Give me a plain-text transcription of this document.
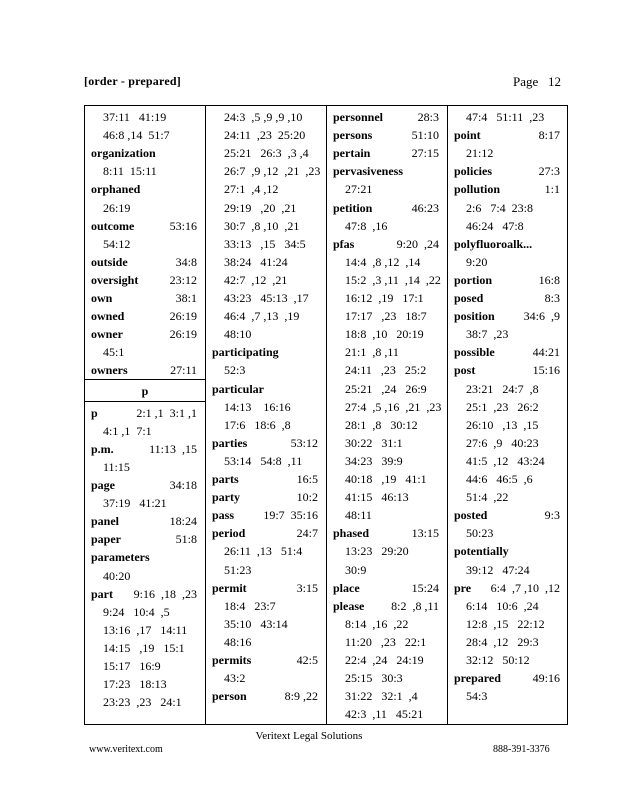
[order - prepared]	Page 12
37:11   41:19
46:8 ,14  51:7
organization
8:11  15:11
orphaned
26:19
outcome	53:16
54:12
outside	34:8
oversight	23:12
own	38:1
owned	26:19
owner	26:19
45:1
owners	27:11
p
p	2:1 ,1  3:1 ,1
4:1 ,1  7:1
p.m.	11:13  ,15
11:15
page	34:18
37:19   41:21
panel	18:24
paper	51:8
parameters
40:20
part 9:16  ,18  ,23
9:24   10:4  ,5
13:16  ,17   14:11
14:15   ,19   15:1
15:17   16:9
17:23   18:13
23:23  ,23   24:1
24:3  ,5 ,9 ,9 ,10
24:11  ,23  25:20
25:21   26:3  ,3 ,4
26:7  ,9 ,12  ,21  ,23
27:1  ,4 ,12
29:19   ,20  ,21
30:7  ,8 ,10  ,21
33:13   ,15   34:5
38:24   41:24
42:7  ,12  ,21
43:23   45:13  ,17
46:4  ,7 ,13  ,19
48:10
participating
52:3
particular
14:13    16:16
17:6   18:6  ,8
parties	53:12
53:14   54:8  ,11
parts	16:5
party	10:2
pass 19:7  35:16
period	24:7
26:11  ,13   51:4
51:23
permit	3:15
18:4   23:7
35:10   43:14
48:16
permits	42:5
43:2
person	8:9 ,22
personnel	28:3
persons	51:10
pertain	27:15
pervasiveness
27:21
petition	46:23
47:8  ,16
pfas	9:20  ,24
14:4  ,8 ,12  ,14
15:2  ,3 ,11  ,14  ,22
16:12  ,19   17:1
17:17   ,23   18:7
18:8  ,10   20:19
21:1  ,8 ,11
24:11   ,23   25:2
25:21   ,24   26:9
27:4  ,5 ,16  ,21  ,23
28:1  ,8   30:12
30:22   31:1
34:23   39:9
40:18   ,19   41:1
41:15   46:13
48:11
phased	13:15
13:23   29:20
30:9
place	15:24
please 8:2  ,8 ,11
8:14  ,16  ,22
11:20   ,23   22:1
22:4  ,24   24:19
25:15   30:3
31:22   32:1  ,4
42:3  ,11   45:21
47:4   51:11  ,23
point	8:17
21:12
policies	27:3
pollution	1:1
2:6   7:4  23:8
46:24   47:8
polyfluoroalk...
9:20
portion	16:8
posed	8:3
position 34:6  ,9
38:7  ,23
possible	44:21
post	15:16
23:21   24:7  ,8
25:1  ,23   26:2
26:10   ,13  ,15
27:6  ,9   40:23
41:5  ,12   43:24
44:6   46:5  ,6
51:4  ,22
posted	9:3
50:23
potentially
39:12   47:24
pre 6:4  ,7 ,10  ,12
6:14   10:6  ,24
12:8  ,15   22:12
28:4  ,12   29:3
32:12   50:12
prepared	49:16
54:3
Veritext Legal Solutions
www.veritext.com	888-391-3376
